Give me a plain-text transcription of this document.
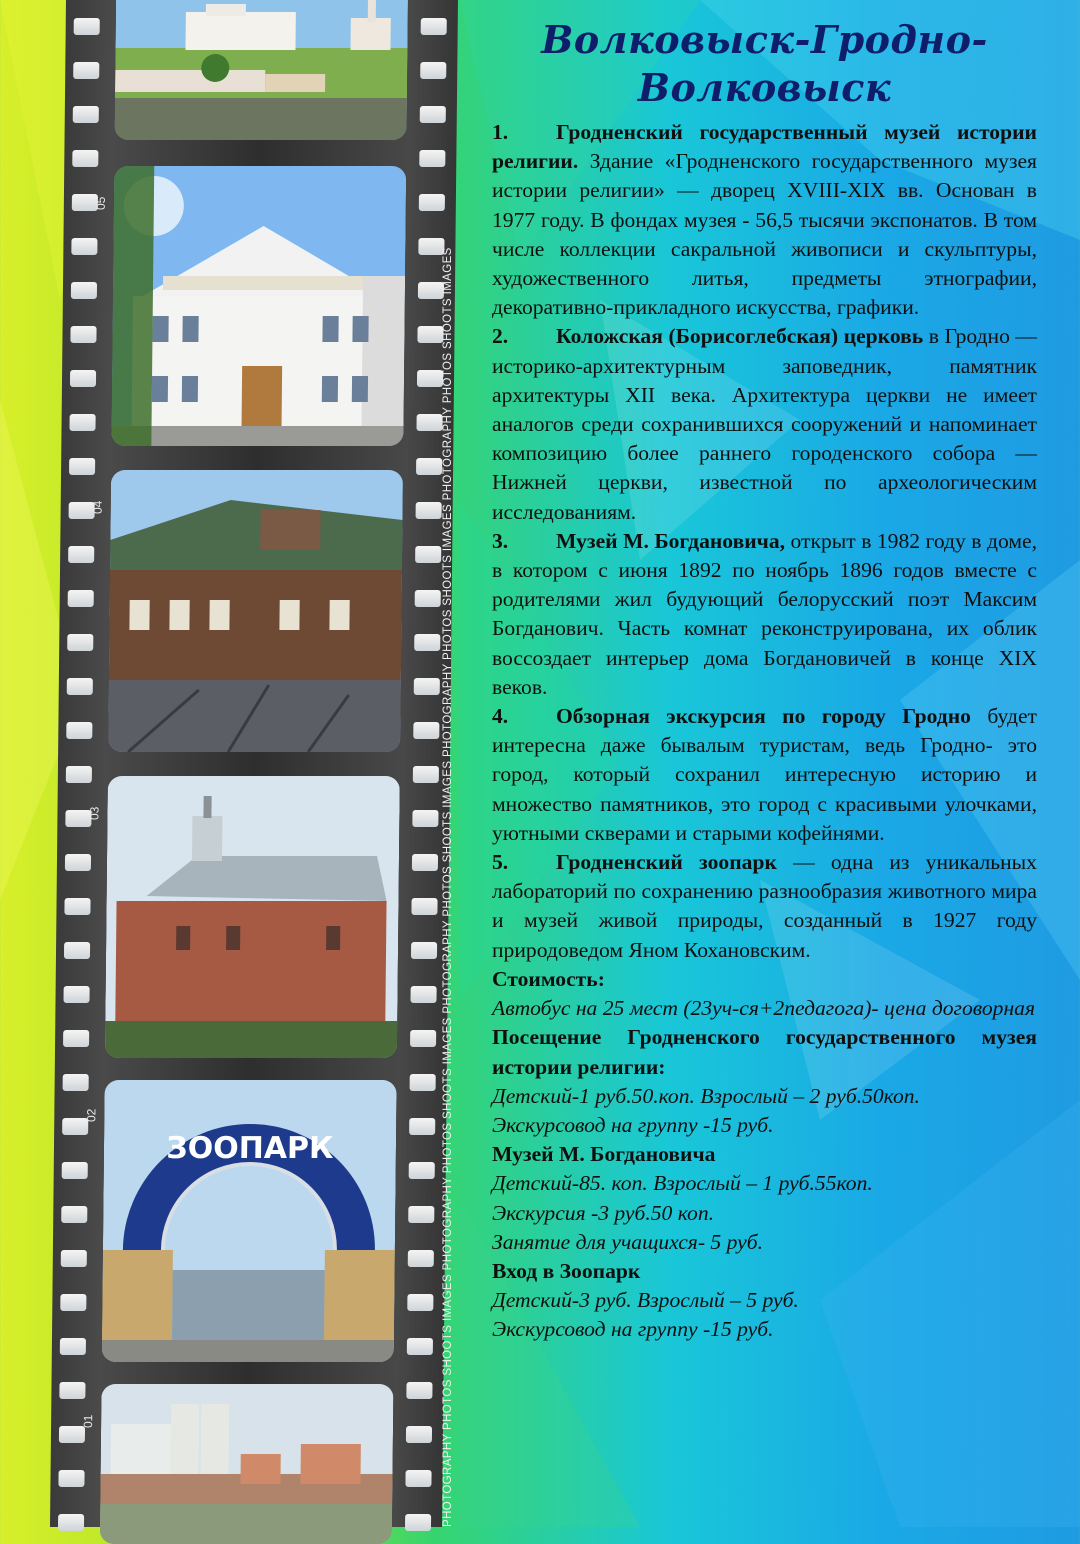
05
04
03
02
ЗООПАРК
01	PHOTOGRAPHY PHOTOS SHOOTS IMAGES PHOTOGRAPHY PHOTOS SHOOTS IMAGES PHOTOGRAPHY PHOTOS SHOOTS IMAGES PHOTOGRAPHY PHOTOS SHOOTS IMAGES PHOTOGRAPHY PHOTOS SHOOTS IMAGES
Волковыск-Гродно-Волковыск

1. Гродненский государственный музей истории религии. Здание «Гродненского государственного музея истории религии» — дворец XVIII-XIX вв. Основан в 1977 году. В фондах музея - 56,5 тысячи экспонатов. В том числе коллекции сакральной живописи и скульптуры, художественного литья, предметы этнографии, декоративно-прикладного искусства, графики.

2. Коложская (Борисоглебская) церковь в Гродно — историко-архитектурным заповедник, памятник архитектуры XII века. Архитектура церкви не имеет аналогов среди сохранившихся сооружений и напоминает композицию более раннего городенского собора — Нижней церкви, известной по археологическим исследованиям.

3. Музей М. Богдановича, открыт в 1982 году в доме, в котором с июня 1892 по ноябрь 1896 годов вместе с родителями жил будующий белорусский поэт Максим Богданович. Часть комнат реконструирована, их облик воссоздает интерьер дома Богдановичей в конце XIX веков.

4. Обзорная экскурсия по городу Гродно будет интересна даже бывалым туристам, ведь Гродно- это город, который сохранил интересную историю и множество памятников, это город с красивыми улочками, уютными скверами и старыми кофейнями.

5. Гродненский зоопарк — одна из уникальных лабораторий по сохранению разнообразия животного мира и музей живой природы, созданный в 1927 году природоведом Яном Кохановским.

Стоимость:

Автобус на 25 мест (23уч-ся+2педагога)- цена договорная

Посещение Гродненского государственного музея истории религии:

Детский-1 руб.50.коп. Взрослый – 2 руб.50коп.

Экскурсовод на группу -15 руб.

Музей М. Богдановича

Детский-85. коп. Взрослый – 1 руб.55коп.

Экскурсия -3 руб.50 коп.

Занятие для учащихся- 5 руб.

Вход в Зоопарк

Детский-3 руб. Взрослый – 5 руб.

Экскурсовод на группу -15 руб.
